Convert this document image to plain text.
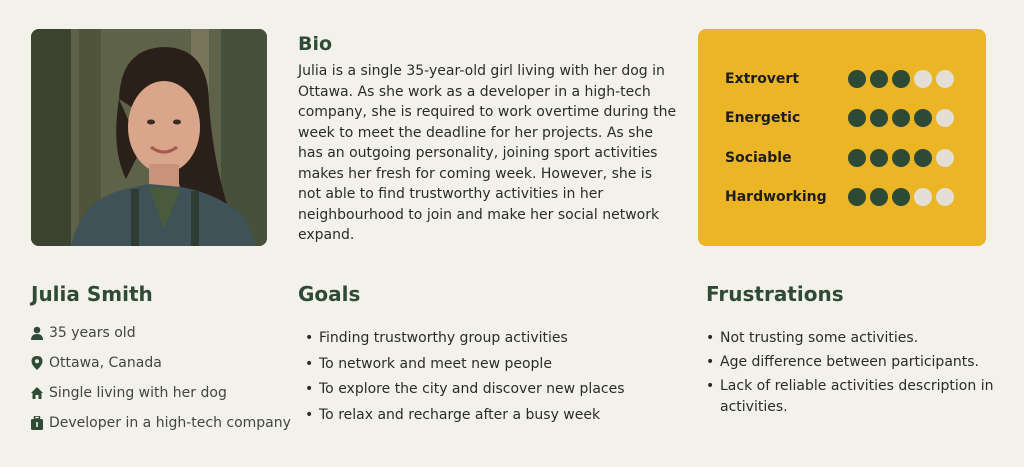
Bio

Julia is a single 35-year-old girl living with her dog in Ottawa. As she work as a developer in a high-tech company, she is required to work overtime during the week to meet the deadline for her projects. As she has an outgoing personality, joining sport activities makes her fresh for coming week. However, she is not able to find trustworthy activities in her neighbourhood to join and make her social network expand.

Extrovert
Energetic
Sociable
Hardworking
Julia Smith
35 years old
Ottawa, Canada
Single living with her dog
Developer in a high-tech company
Goals
• Finding trustworthy group activities
• To network and meet new people
• To explore the city and discover new places
• To relax and recharge after a busy week
Frustrations
• Not trusting some activities.
• Age difference between participants.
• Lack of reliable activities description in activities.
